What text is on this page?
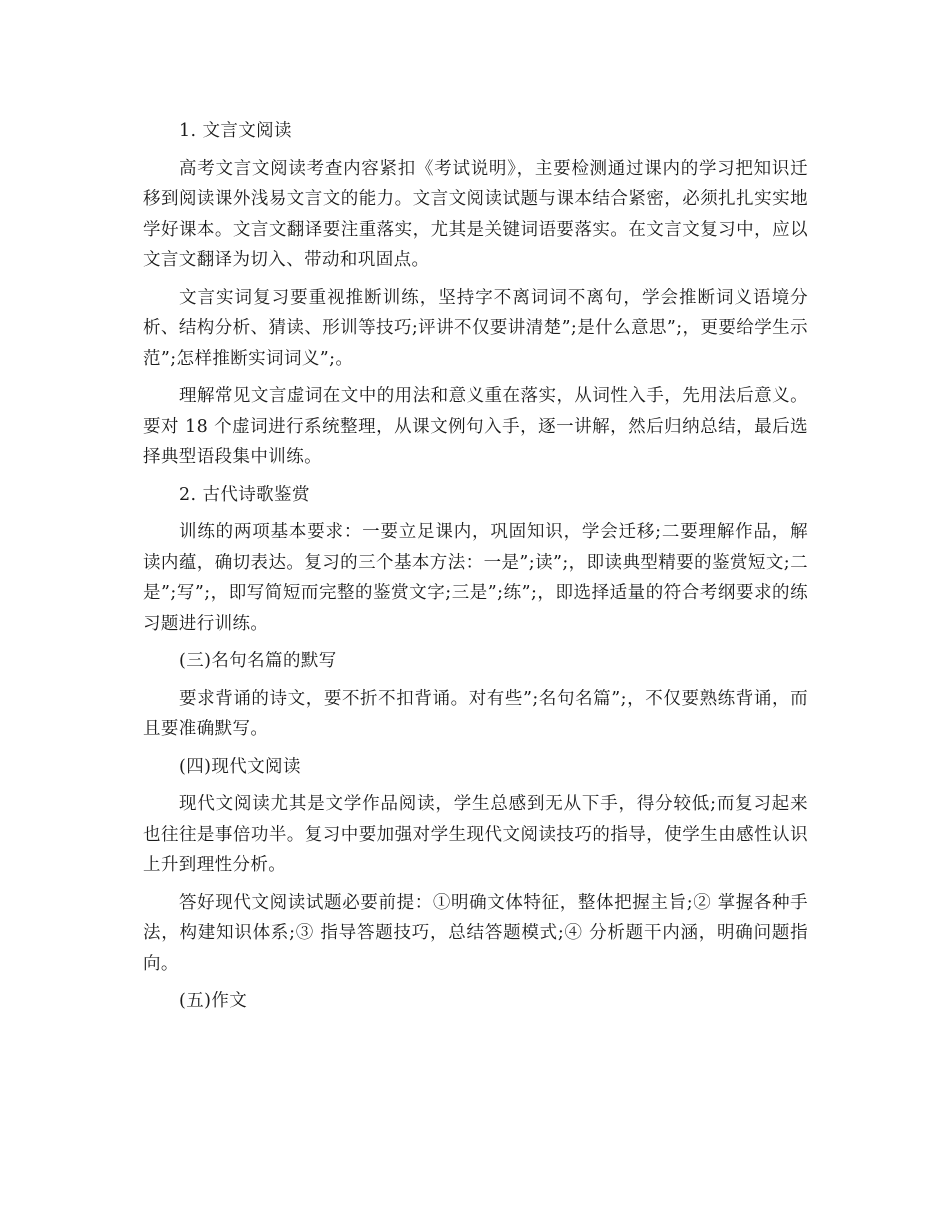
1. 文言文阅读

高考文言文阅读考查内容紧扣《考试说明》，主要检测通过课内的学习把知识迁移到阅读课外浅易文言文的能力。文言文阅读试题与课本结合紧密，必须扎扎实实地学好课本。文言文翻译要注重落实，尤其是关键词语要落实。在文言文复习中，应以文言文翻译为切入、带动和巩固点。

文言实词复习要重视推断训练，坚持字不离词词不离句，学会推断词义语境分析、结构分析、猜读、形训等技巧;评讲不仅要讲清楚”;是什么意思”;，更要给学生示范”;怎样推断实词词义”;。

理解常见文言虚词在文中的用法和意义重在落实，从词性入手，先用法后意义。要对 18 个虚词进行系统整理，从课文例句入手，逐一讲解，然后归纳总结，最后选择典型语段集中训练。

2. 古代诗歌鉴赏

训练的两项基本要求：一要立足课内，巩固知识，学会迁移;二要理解作品，解读内蕴，确切表达。复习的三个基本方法：一是”;读”;，即读典型精要的鉴赏短文;二是”;写”;，即写简短而完整的鉴赏文字;三是”;练”;，即选择适量的符合考纲要求的练习题进行训练。

(三)名句名篇的默写

要求背诵的诗文，要不折不扣背诵。对有些”;名句名篇”;，不仅要熟练背诵，而且要准确默写。

(四)现代文阅读

现代文阅读尤其是文学作品阅读，学生总感到无从下手，得分较低;而复习起来也往往是事倍功半。复习中要加强对学生现代文阅读技巧的指导，使学生由感性认识上升到理性分析。

答好现代文阅读试题必要前提：①明确文体特征，整体把握主旨;② 掌握各种手法，构建知识体系;③ 指导答题技巧，总结答题模式;④ 分析题干内涵，明确问题指向。

(五)作文
